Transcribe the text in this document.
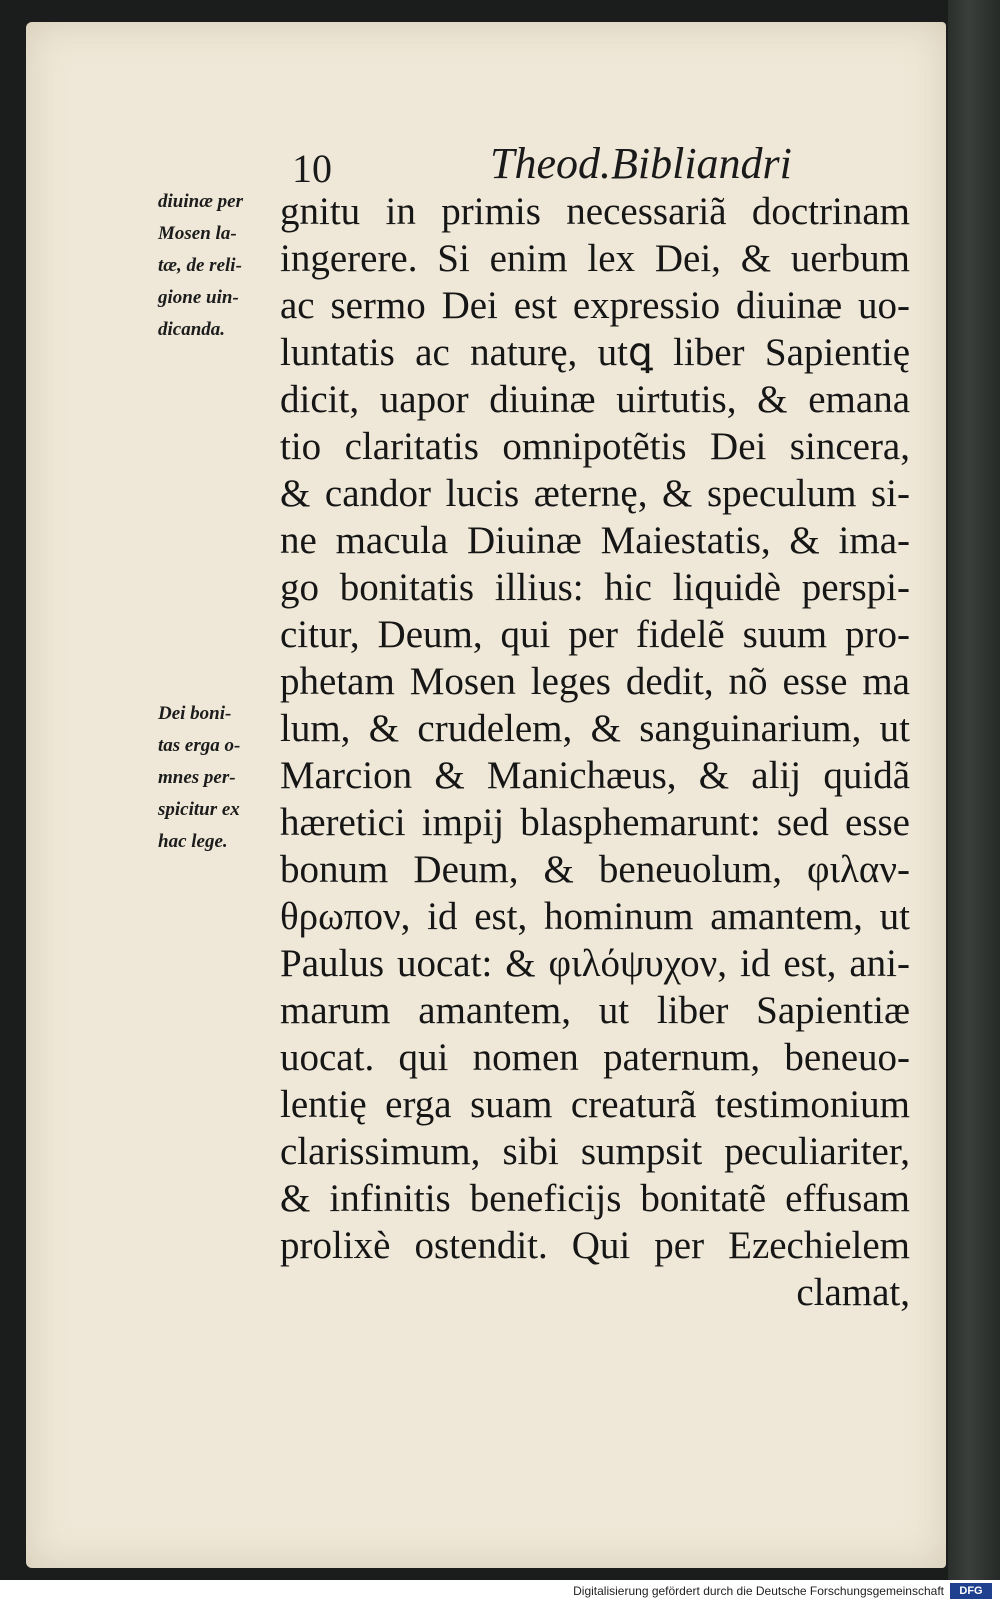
10	Theod.Bibliandri
diuinæ per
Mosen la-
tæ, de reli-
gione uin-
dicanda.
Dei boni-
tas erga o-
mnes per-
spicitur ex
hac lege.
gnitu in primis necessariã doctrinam
ingerere. Si enim lex Dei, & uerbum
ac sermo Dei est expressio diuinæ uo-
luntatis ac naturę, utꝗ liber Sapientię
dicit, uapor diuinæ uirtutis, & emana
tio claritatis omnipotẽtis Dei sincera,
& candor lucis æternę, & speculum si-
ne macula Diuinæ Maiestatis, & ima-
go bonitatis illius: hic liquidè perspi-
citur, Deum, qui per fidelẽ suum pro-
phetam Mosen leges dedit, nõ esse ma
lum, & crudelem, & sanguinarium, ut
Marcion & Manichæus, & alij quidã
hæretici impij blasphemarunt: sed esse
bonum Deum, & beneuolum, φιλαν-
θρωπον, id est, hominum amantem, ut
Paulus uocat: & φιλόψυχον, id est, ani-
marum amantem, ut liber Sapientiæ
uocat. qui nomen paternum, beneuo-
lentię erga suam creaturã testimonium
clarissimum, sibi sumpsit peculiariter,
& infinitis beneficijs bonitatẽ effusam
prolixè ostendit. Qui per Ezechielem
clamat,
Digitalisierung gefördert durch die Deutsche Forschungsgemeinschaft	DFG
